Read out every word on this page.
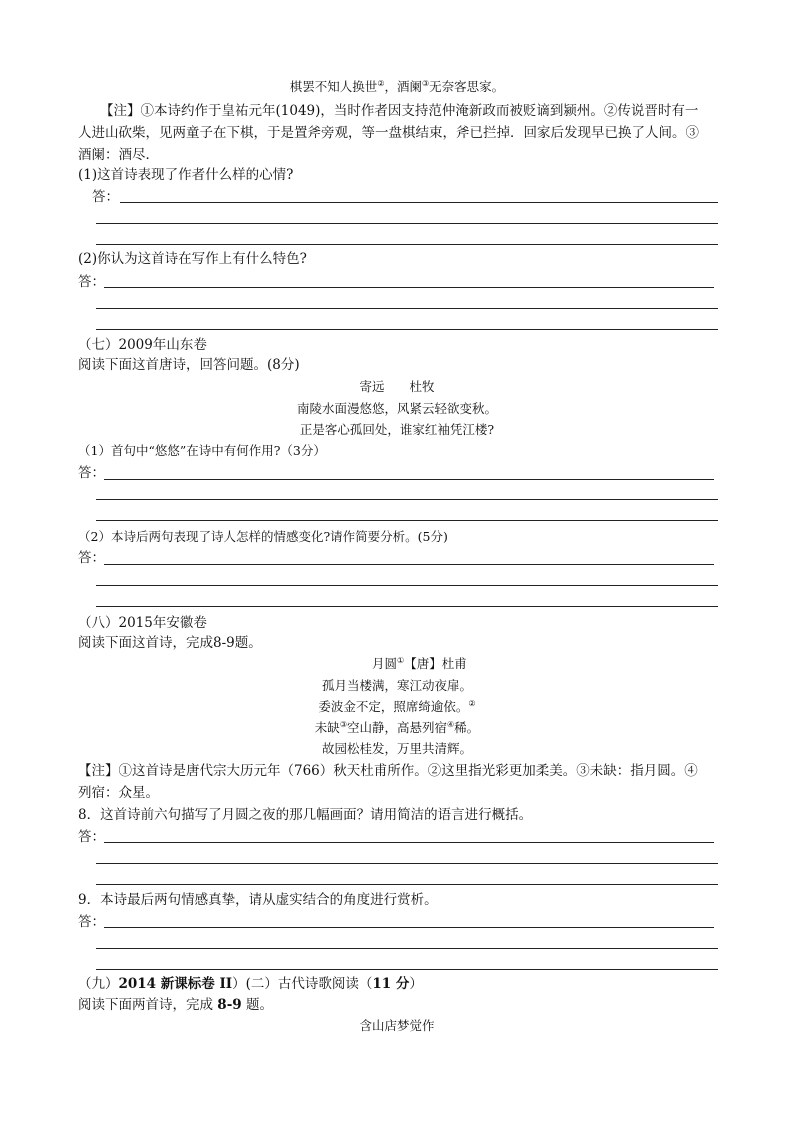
棋罢不知人换世②，酒阑③无奈客思家。
【注】①本诗约作于皇祐元年(1049)，当时作者因支持范仲淹新政而被贬谪到颍州。②传说晋时有一
人进山砍柴，见两童子在下棋，于是置斧旁观，等一盘棋结束，斧已拦掉．回家后发现早已换了人间。③
酒阑：酒尽．
(1)这首诗表现了作者什么样的心情?
答：
(2)你认为这首诗在写作上有什么特色?
答：
（七）2009年山东卷
阅读下面这首唐诗，回答问题。(8分)
寄远　　杜牧
南陵水面漫悠悠，风紧云轻欲变秋。
正是客心孤回处，谁家红袖凭江楼?
（1）首句中“悠悠”在诗中有何作用?（3分）
答：
（2）本诗后两句表现了诗人怎样的情感变化?请作简要分析。(5分)
答：
（八）2015年安徽卷
阅读下面这首诗，完成8-9题。
月圆①【唐】杜甫
孤月当楼满，寒江动夜扉。
委波金不定，照席绮逾依。②
未缺③空山静，高悬列宿④稀。
故园松桂发，万里共清辉。
【注】①这首诗是唐代宗大历元年（766）秋天杜甫所作。②这里指光彩更加柔美。③未缺：指月圆。④
列宿：众星。
8．这首诗前六句描写了月圆之夜的那几幅画面？请用简洁的语言进行概括。
答：
9．本诗最后两句情感真挚，请从虚实结合的角度进行赏析。
答：
（九）2014 新课标卷 II）(二）古代诗歌阅读（11 分）
阅读下面两首诗，完成 8-9 题。
含山店梦觉作
